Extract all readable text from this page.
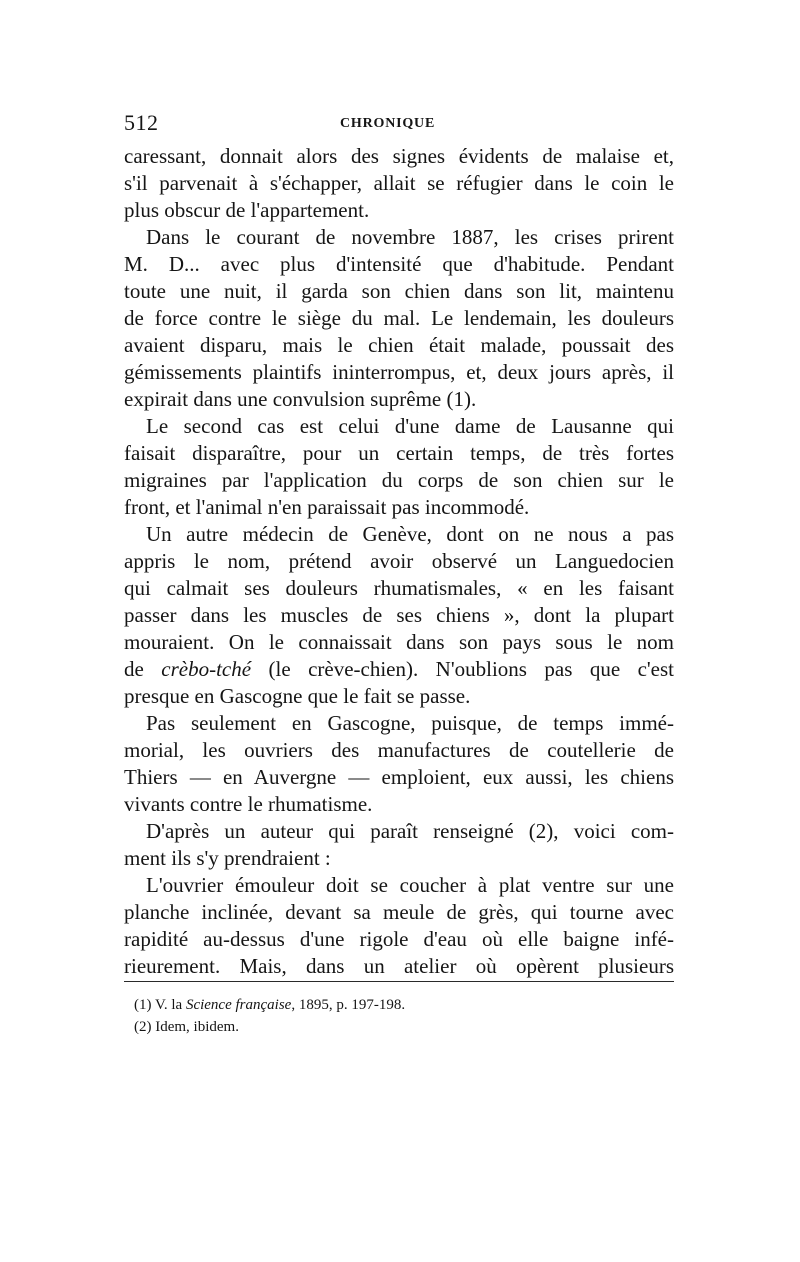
512	CHRONIQUE
caressant, donnait alors des signes évidents de malaise et,
s'il parvenait à s'échapper, allait se réfugier dans le coin le
plus obscur de l'appartement.
Dans le courant de novembre 1887, les crises prirent
M. D... avec plus d'intensité que d'habitude. Pendant
toute une nuit, il garda son chien dans son lit, maintenu
de force contre le siège du mal. Le lendemain, les douleurs
avaient disparu, mais le chien était malade, poussait des
gémissements plaintifs ininterrompus, et, deux jours après, il
expirait dans une convulsion suprême (1).
Le second cas est celui d'une dame de Lausanne qui
faisait disparaître, pour un certain temps, de très fortes
migraines par l'application du corps de son chien sur le
front, et l'animal n'en paraissait pas incommodé.
Un autre médecin de Genève, dont on ne nous a pas
appris le nom, prétend avoir observé un Languedocien
qui calmait ses douleurs rhumatismales, « en les faisant
passer dans les muscles de ses chiens », dont la plupart
mouraient. On le connaissait dans son pays sous le nom
de crèbo-tché (le crève-chien). N'oublions pas que c'est
presque en Gascogne que le fait se passe.
Pas seulement en Gascogne, puisque, de temps immé-
morial, les ouvriers des manufactures de coutellerie de
Thiers — en Auvergne — emploient, eux aussi, les chiens
vivants contre le rhumatisme.
D'après un auteur qui paraît renseigné (2), voici com-
ment ils s'y prendraient :
L'ouvrier émouleur doit se coucher à plat ventre sur une
planche inclinée, devant sa meule de grès, qui tourne avec
rapidité au-dessus d'une rigole d'eau où elle baigne infé-
rieurement. Mais, dans un atelier où opèrent plusieurs
(1) V. la Science française, 1895, p. 197-198.
(2) Idem, ibidem.
